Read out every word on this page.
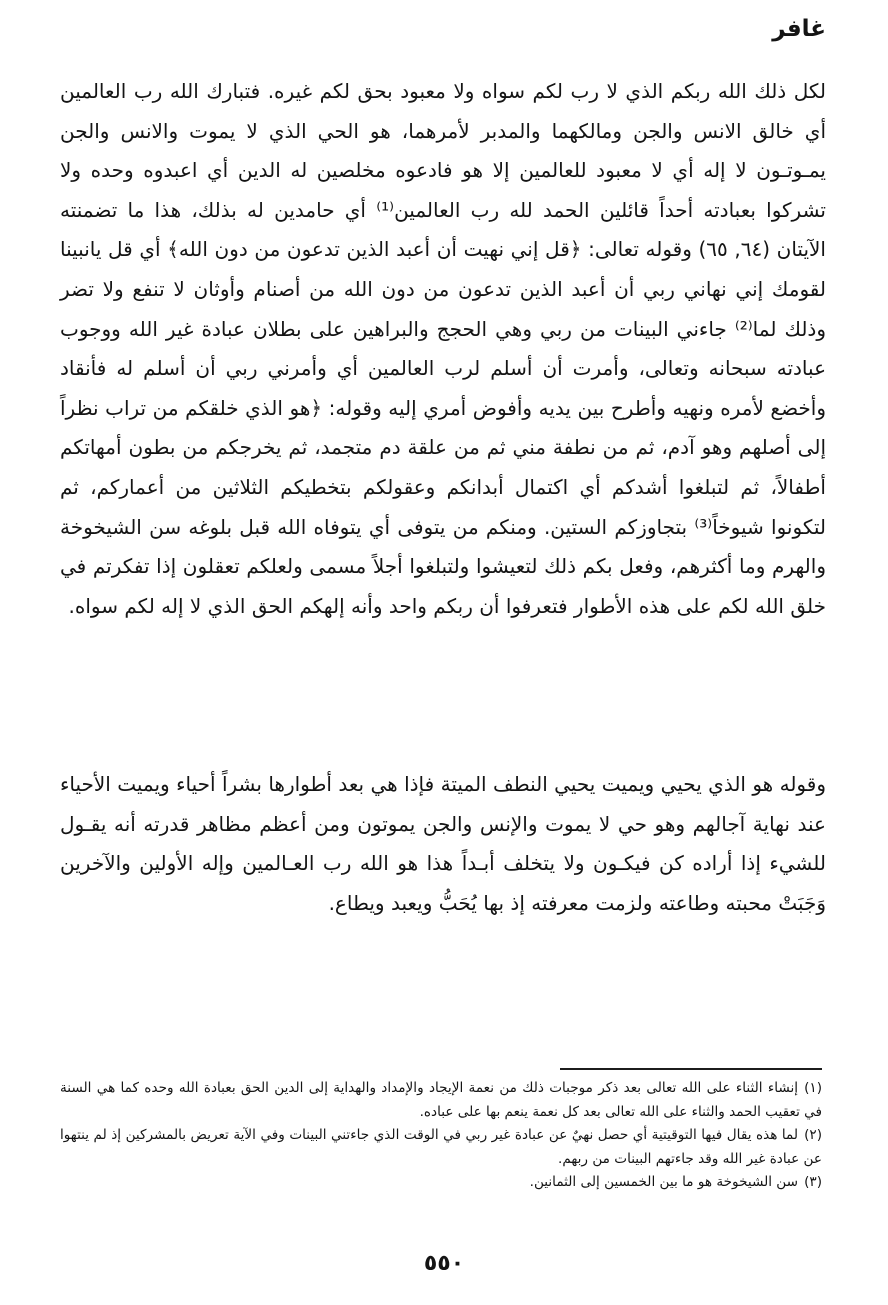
غافر

لكل ذلك الله ربكم الذي لا رب لكم سواه ولا معبود بحق لكم غيره. فتبارك الله رب العالمين أي خالق الانس والجن ومالكهما والمدبر لأمرهما، هو الحي الذي لا يموت والانس والجن يمـوتـون لا إله أي لا معبود للعالمين إلا هو فادعوه مخلصين له الدين أي اعبدوه وحده ولا تشركوا بعبادته أحداً قائلين الحمد لله رب العالمين⁽¹⁾ أي حامدين له بذلك، هذا ما تضمنته الآيتان (٦٤, ٦٥) وقوله تعالى: ﴿قل إني نهيت أن أعبد الذين تدعون من دون الله﴾ أي قل يانبينا لقومك إني نهاني ربي أن أعبد الذين تدعون من دون الله من أصنام وأوثان لا تنفع ولا تضر وذلك لما⁽²⁾ جاءني البينات من ربي وهي الحجج والبراهين على بطلان عبادة غير الله ووجوب عبادته سبحانه وتعالى، وأمرت أن أسلم لرب العالمين أي وأمرني ربي أن أسلم له فأنقاد وأخضع لأمره ونهيه وأطرح بين يديه وأفوض أمري إليه وقوله: ﴿هو الذي خلقكم من تراب نظراً إلى أصلهم وهو آدم، ثم من نطفة مني ثم من علقة دم متجمد، ثم يخرجكم من بطون أمهاتكم أطفالاً، ثم لتبلغوا أشدكم أي اكتمال أبدانكم وعقولكم بتخطيكم الثلاثين من أعماركم، ثم لتكونوا شيوخاً⁽³⁾ بتجاوزكم الستين. ومنكم من يتوفى أي يتوفاه الله قبل بلوغه سن الشيخوخة والهرم وما أكثرهم، وفعل بكم ذلك لتعيشوا ولتبلغوا أجلاً مسمى ولعلكم تعقلون إذا تفكرتم في خلق الله لكم على هذه الأطوار فتعرفوا أن ربكم واحد وأنه إلهكم الحق الذي لا إله لكم سواه.

وقوله هو الذي يحيي ويميت يحيي النطف الميتة فإذا هي بعد أطوارها بشراً أحياء ويميت الأحياء عند نهاية آجالهم وهو حي لا يموت والإنس والجن يموتون ومن أعظم مظاهر قدرته أنه يقـول للشيء إذا أراده كن فيكـون ولا يتخلف أبـداً هذا هو الله رب العـالمين وإله الأولين والآخرين وَجَبَتْ محبته وطاعته ولزمت معرفته إذ بها يُحَبُّ ويعبد ويطاع.

(١)إنشاء الثناء على الله تعالى بعد ذكر موجبات ذلك من نعمة الإيجاد والإمداد والهداية إلى الدين الحق بعبادة الله وحده كما هي السنة في تعقيب الحمد والثناء على الله تعالى بعد كل نعمة ينعم بها على عباده.
(٢)لما هذه يقال فيها التوقيتية أي حصل نهيٌ عن عبادة غير ربي في الوقت الذي جاءتني البينات وفي الآية تعريض بالمشركين إذ لم ينتهوا عن عبادة غير الله وقد جاءتهم البينات من ربهم.
(٣)سن الشيخوخة هو ما بين الخمسين إلى الثمانين.
٥٥٠
